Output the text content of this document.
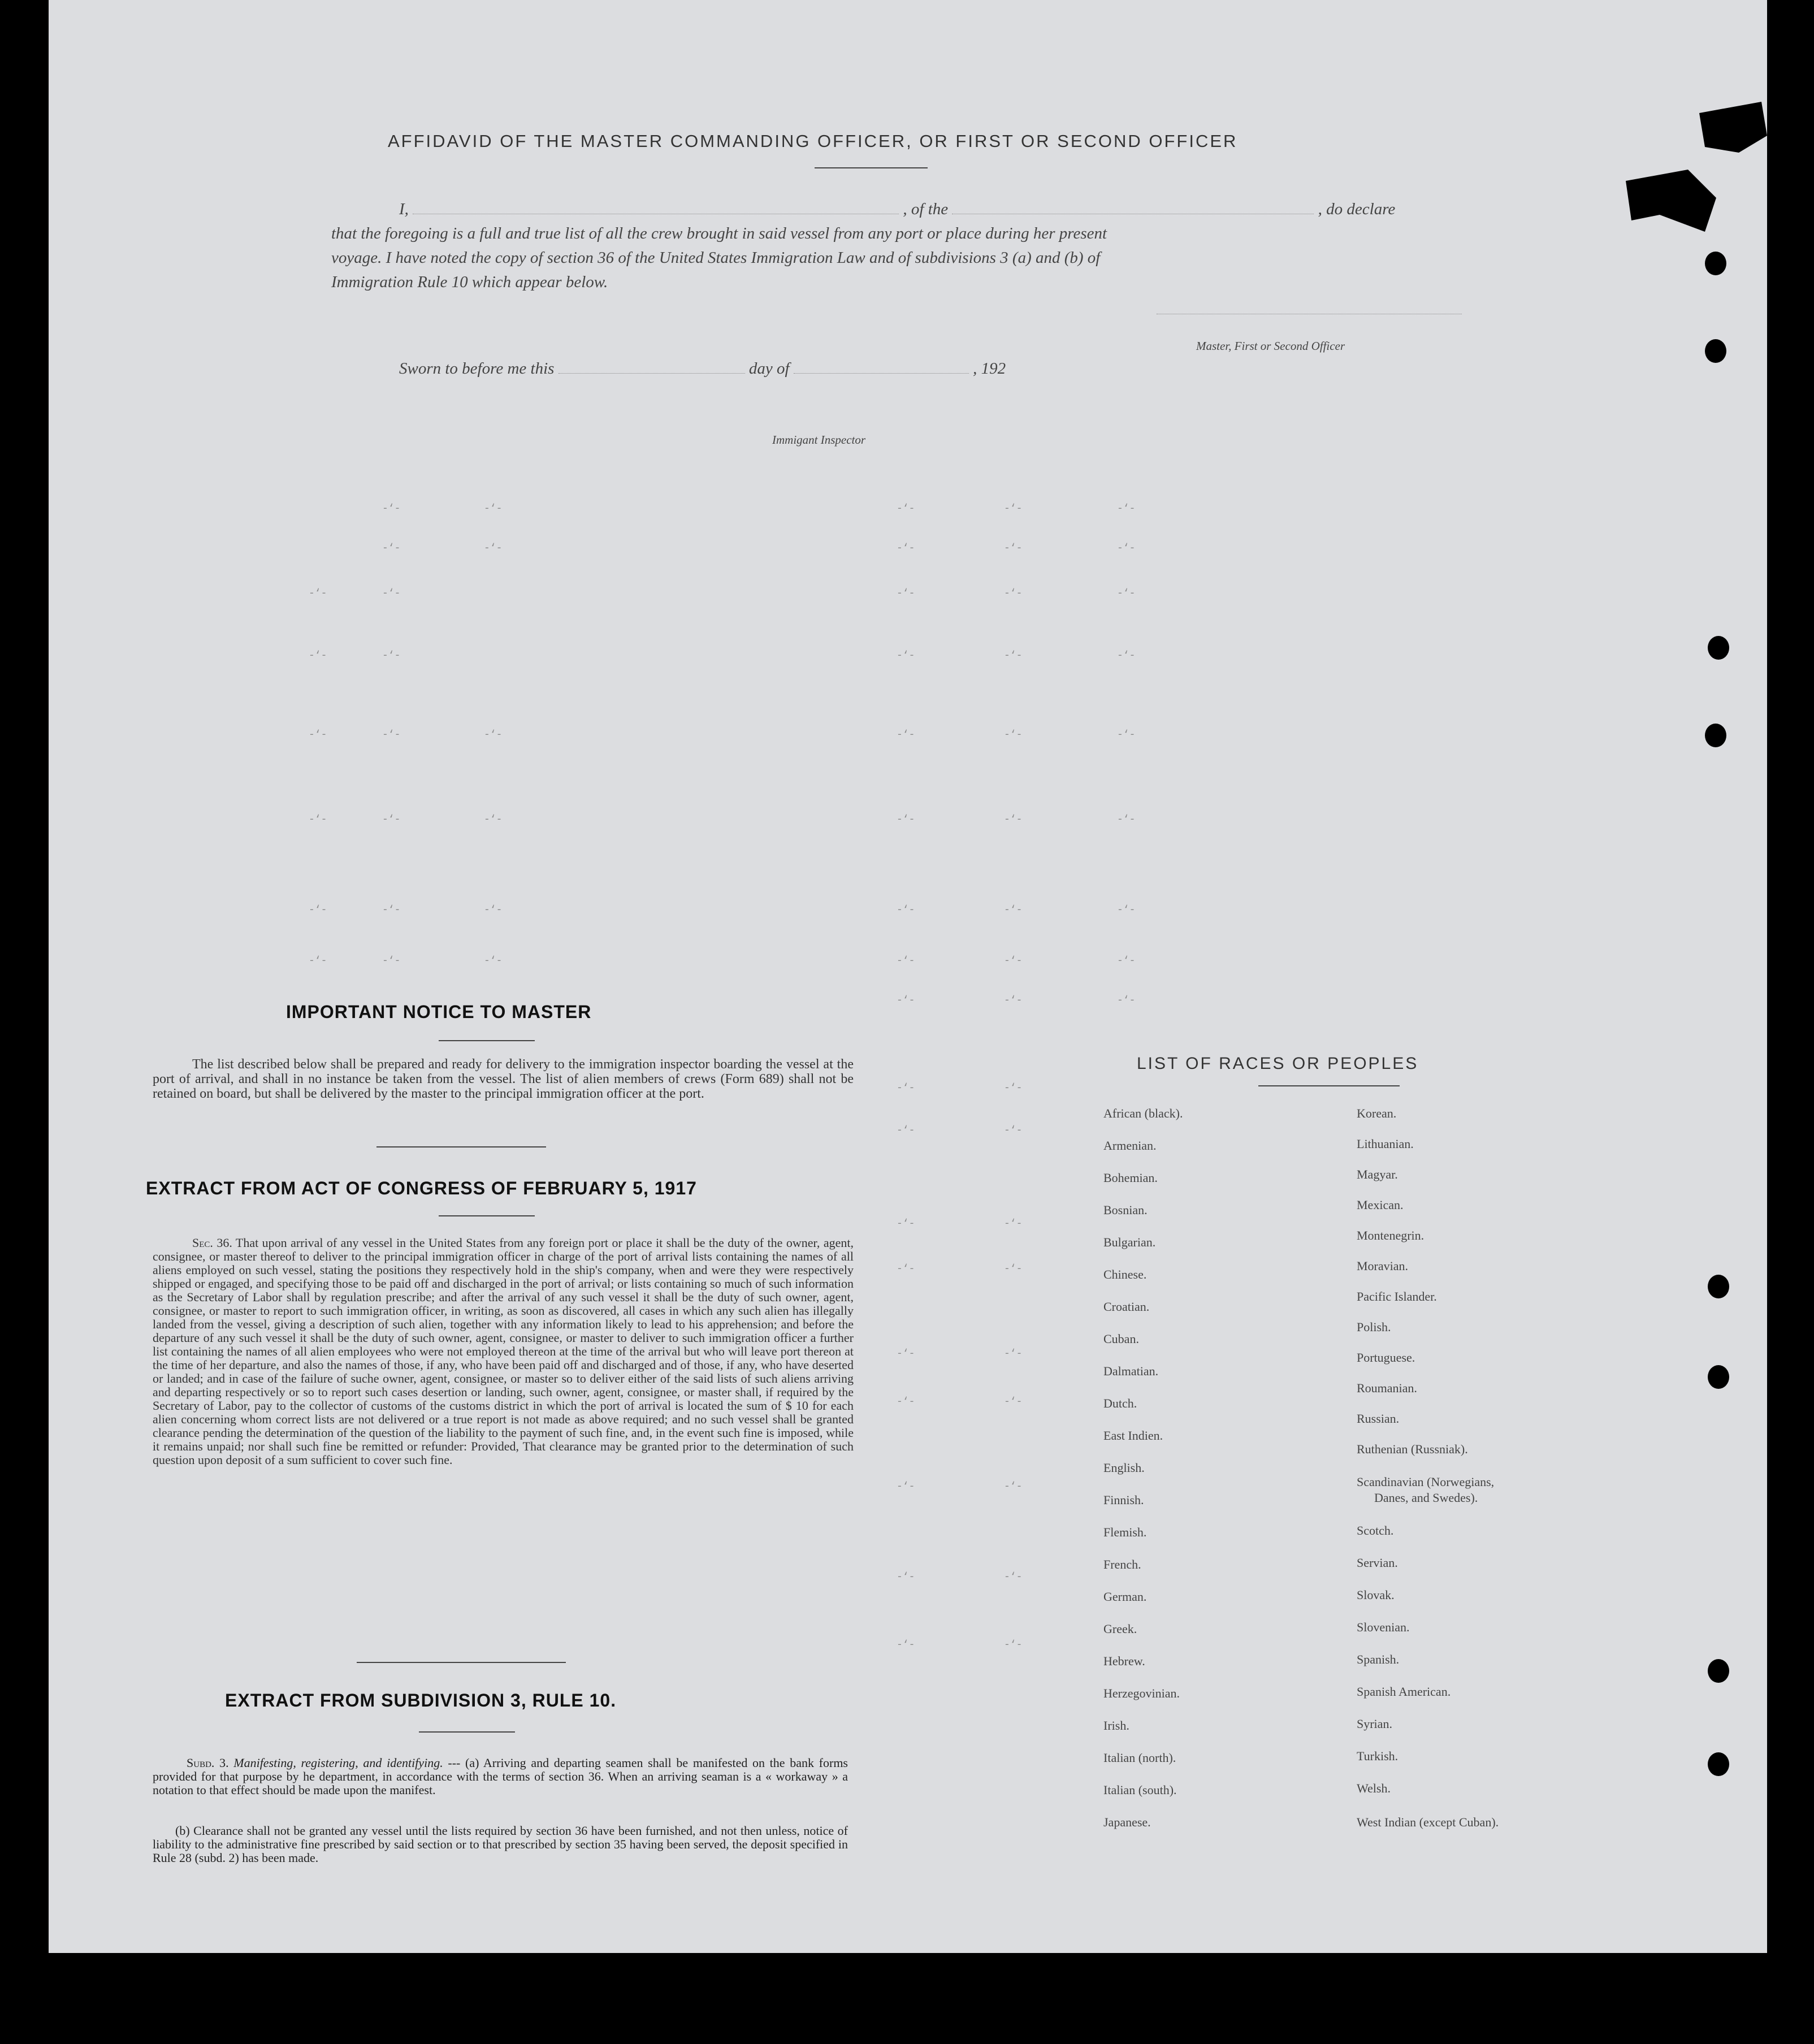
AFFIDAVID OF THE MASTER COMMANDING OFFICER, OR FIRST OR SECOND OFFICER
I,	, of the	, do declare
that the foregoing is a full and true list of all the crew brought in said vessel from any port or place during her present
voyage. I have noted the copy of section 36 of the United States Immigration Law and of subdivisions 3 (a) and (b) of
Immigration Rule 10 which appear below.
Master, First or Second Officer
Sworn to before me this	day of	, 192
Immigant Inspector
-‘-	-‘-	-‘-	-‘-	-‘-
-‘-	-‘-	-‘-	-‘-	-‘-
-‘-	-‘-	-‘-	-‘-	-‘-
-‘-	-‘-	-‘-	-‘-	-‘-
-‘-	-‘-	-‘-	-‘-	-‘-	-‘-
-‘-	-‘-	-‘-	-‘-	-‘-	-‘-
-‘-	-‘-	-‘-	-‘-	-‘-	-‘-
-‘-	-‘-	-‘-	-‘-	-‘-	-‘-
-‘-	-‘-	-‘-
-‘-	-‘-
-‘-	-‘-
-‘-	-‘-
-‘-	-‘-
-‘-	-‘-
-‘-	-‘-
-‘-	-‘-
-‘-	-‘-
-‘-	-‘-
IMPORTANT NOTICE TO MASTER
The list described below shall be prepared and ready for delivery to the immigration inspector boarding the vessel at the port of arrival, and shall in no instance be taken from the vessel. The list of alien members of crews (Form 689) shall not be retained on board, but shall be delivered by the master to the principal immigration officer at the port.
EXTRACT FROM ACT OF CONGRESS OF FEBRUARY 5, 1917
Sec. 36. That upon arrival of any vessel in the United States from any foreign port or place it shall be the duty of the owner, agent, consignee, or master thereof to deliver to the principal immigration officer in charge of the port of arrival lists containing the names of all aliens employed on such vessel, stating the positions they respectively hold in the ship's company, when and were they were respectively shipped or engaged, and specifying those to be paid off and discharged in the port of arrival; or lists containing so much of such information as the Secretary of Labor shall by regulation prescribe; and after the arrival of any such vessel it shall be the duty of such owner, agent, consignee, or master to report to such immigration officer, in writing, as soon as discovered, all cases in which any such alien has illegally landed from the vessel, giving a description of such alien, together with any information likely to lead to his apprehension; and before the departure of any such vessel it shall be the duty of such owner, agent, consignee, or master to deliver to such immigration officer a further list containing the names of all alien employees who were not employed thereon at the time of the arrival but who will leave port thereon at the time of her departure, and also the names of those, if any, who have been paid off and discharged and of those, if any, who have deserted or landed; and in case of the failure of suche owner, agent, consignee, or master so to deliver either of the said lists of such aliens arriving and departing respectively or so to report such cases desertion or landing, such owner, agent, consignee, or master shall, if required by the Secretary of Labor, pay to the collector of customs of the customs district in which the port of arrival is located the sum of $ 10 for each alien concerning whom correct lists are not delivered or a true report is not made as above required; and no such vessel shall be granted clearance pending the determination of the question of the liability to the payment of such fine, and, in the event such fine is imposed, while it remains unpaid; nor shall such fine be remitted or refunder: Provided, That clearance may be granted prior to the determination of such question upon deposit of a sum sufficient to cover such fine.
EXTRACT FROM SUBDIVISION 3, RULE 10.
Subd. 3. Manifesting, registering, and identifying. --- (a) Arriving and departing seamen shall be manifested on the bank forms provided for that purpose by he department, in accordance with the terms of section 36. When an arriving seaman is a « workaway » a notation to that effect should be made upon the manifest.
(b) Clearance shall not be granted any vessel until the lists required by section 36 have been furnished, and not then unless, notice of liability to the administrative fine prescribed by said section or to that prescribed by section 35 having been served, the deposit specified in Rule 28 (subd. 2) has been made.
LIST OF RACES OR PEOPLES
African (black).
Armenian.
Bohemian.
Bosnian.
Bulgarian.
Chinese.
Croatian.
Cuban.
Dalmatian.
Dutch.
East Indien.
English.
Finnish.
Flemish.
French.
German.
Greek.
Hebrew.
Herzegovinian.
Irish.
Italian (north).
Italian (south).
Japanese.
Korean.
Lithuanian.
Magyar.
Mexican.
Montenegrin.
Moravian.
Pacific Islander.
Polish.
Portuguese.
Roumanian.
Russian.
Ruthenian (Russniak).
Scandinavian (Norwegians,
Danes, and Swedes).
Scotch.
Servian.
Slovak.
Slovenian.
Spanish.
Spanish American.
Syrian.
Turkish.
Welsh.
West Indian (except Cuban).
